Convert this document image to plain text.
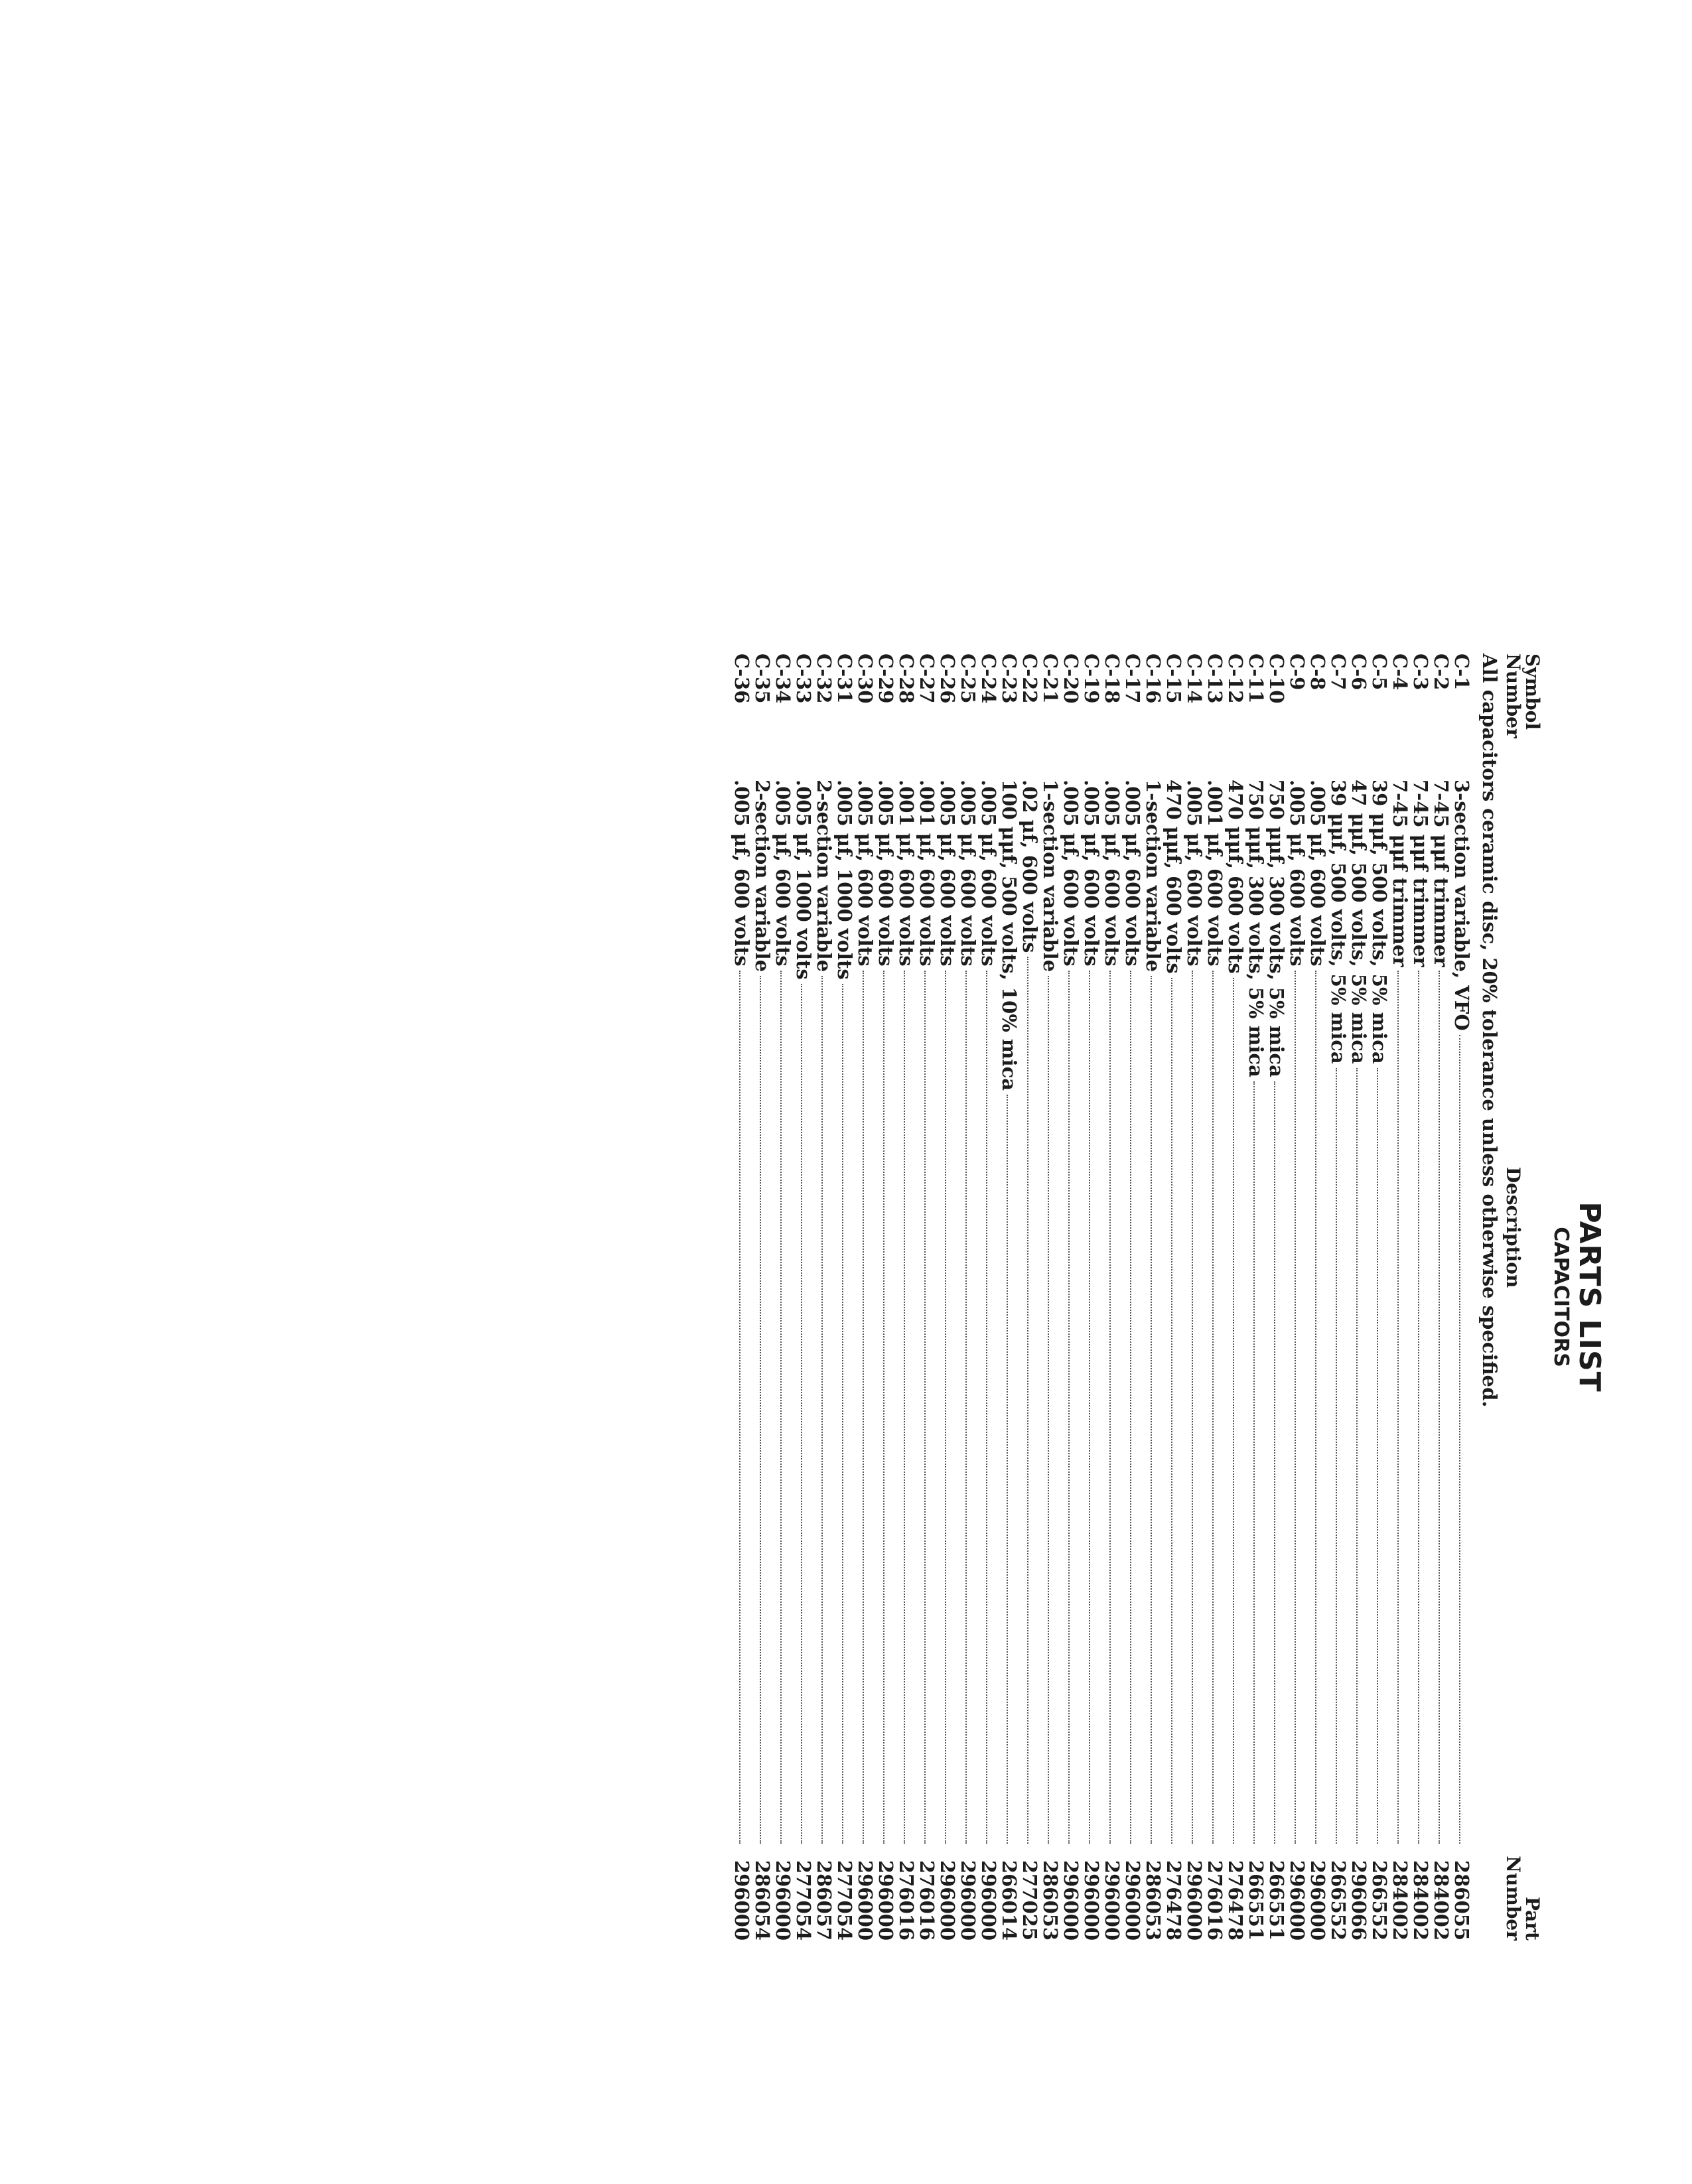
PARTS LIST
CAPACITORS
Symbol
Number
Description
Part
Number
All capacitors ceramic disc, 20% tolerance unless otherwise specified.
C-1
3-section variable, VFO
286055
C-2
7-45 μμf trimmer
284002
C-3
7-45 μμf trimmer
284002
C-4
7-45 μμf trimmer
284002
C-5
39 μμf, 500 volts, 5% mica
266552
C-6
47 μμf, 500 volts, 5% mica
296066
C-7
39 μμf, 500 volts, 5% mica
266552
C-8
.005 μf, 600 volts
296000
C-9
.005 μf, 600 volts
296000
C-10
750 μμf, 300 volts, 5% mica
266551
C-11
750 μμf, 300 volts, 5% mica
266551
C-12
470 μμf, 600 volts
276478
C-13
.001 μf, 600 volts
276016
C-14
.005 μf, 600 volts
296000
C-15
470 μμf, 600 volts
276478
C-16
1-section variable
286053
C-17
.005 μf, 600 volts
296000
C-18
.005 μf, 600 volts
296000
C-19
.005 μf, 600 volts
296000
C-20
.005 μf, 600 volts
296000
C-21
1-section variable
286053
C-22
.02 μf, 600 volts
277025
C-23
100 μμf, 500 volts, 10% mica
266014
C-24
.005 μf, 600 volts
296000
C-25
.005 μf, 600 volts
296000
C-26
.005 μf, 600 volts
296000
C-27
.001 μf, 600 volts
276016
C-28
.001 μf, 600 volts
276016
C-29
.005 μf, 600 volts
296000
C-30
.005 μf, 600 volts
296000
C-31
.005 μf, 1000 volts
277054
C-32
2-section variable
286057
C-33
.005 μf, 1000 volts
277054
C-34
.005 μf, 600 volts
296000
C-35
2-section variable
286054
C-36
.005 μf, 600 volts
296000
